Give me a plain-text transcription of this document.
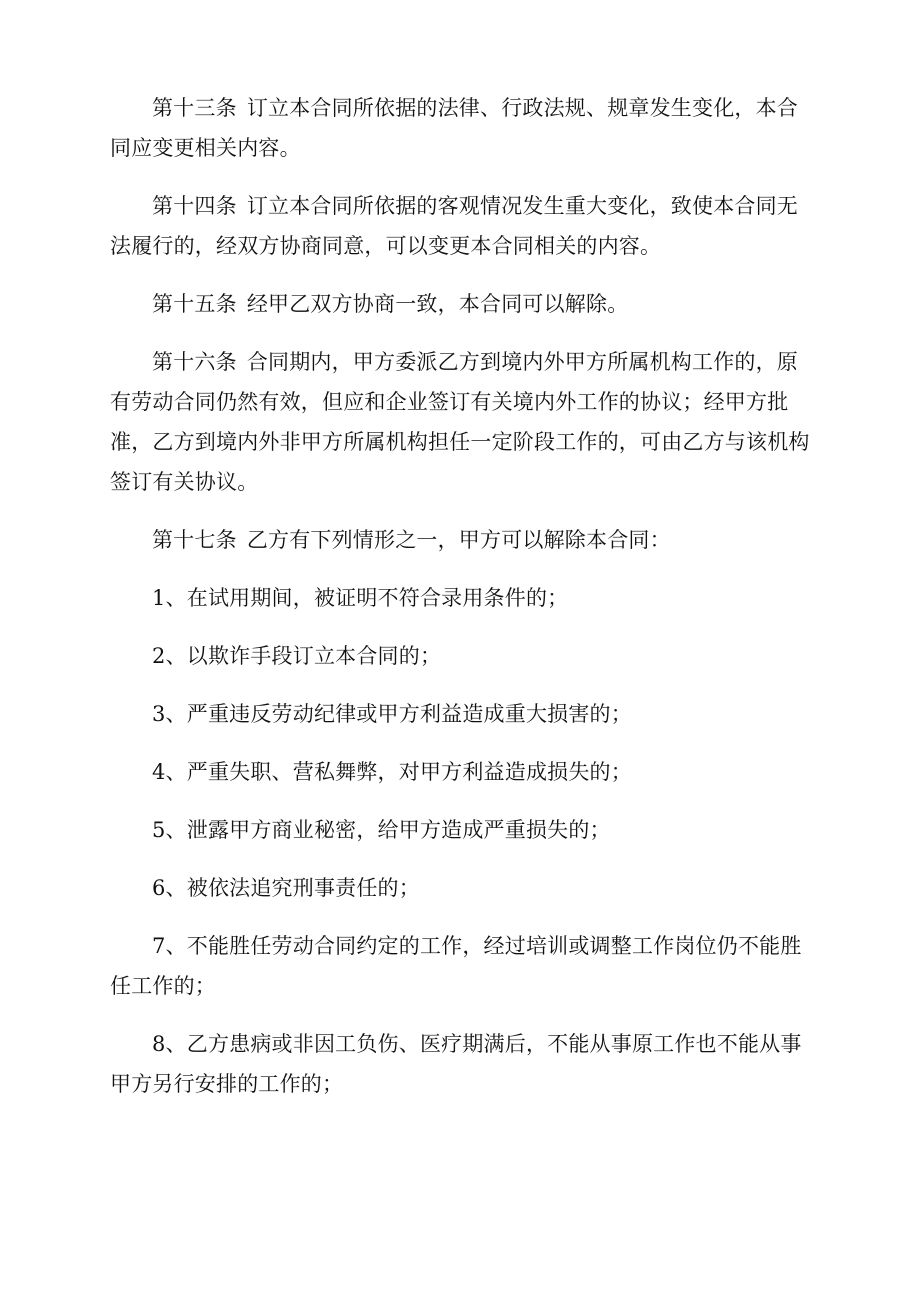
第十三条 订立本合同所依据的法律、行政法规、规章发生变化，本合同应变更相关内容。

第十四条 订立本合同所依据的客观情况发生重大变化，致使本合同无法履行的，经双方协商同意，可以变更本合同相关的内容。

第十五条 经甲乙双方协商一致，本合同可以解除。

第十六条 合同期内，甲方委派乙方到境内外甲方所属机构工作的，原有劳动合同仍然有效，但应和企业签订有关境内外工作的协议；经甲方批准，乙方到境内外非甲方所属机构担任一定阶段工作的，可由乙方与该机构签订有关协议。

第十七条 乙方有下列情形之一，甲方可以解除本合同：

1、在试用期间，被证明不符合录用条件的；

2、以欺诈手段订立本合同的；

3、严重违反劳动纪律或甲方利益造成重大损害的；

4、严重失职、营私舞弊，对甲方利益造成损失的；

5、泄露甲方商业秘密，给甲方造成严重损失的；

6、被依法追究刑事责任的；

7、不能胜任劳动合同约定的工作，经过培训或调整工作岗位仍不能胜任工作的；

8、乙方患病或非因工负伤、医疗期满后，不能从事原工作也不能从事甲方另行安排的工作的；
